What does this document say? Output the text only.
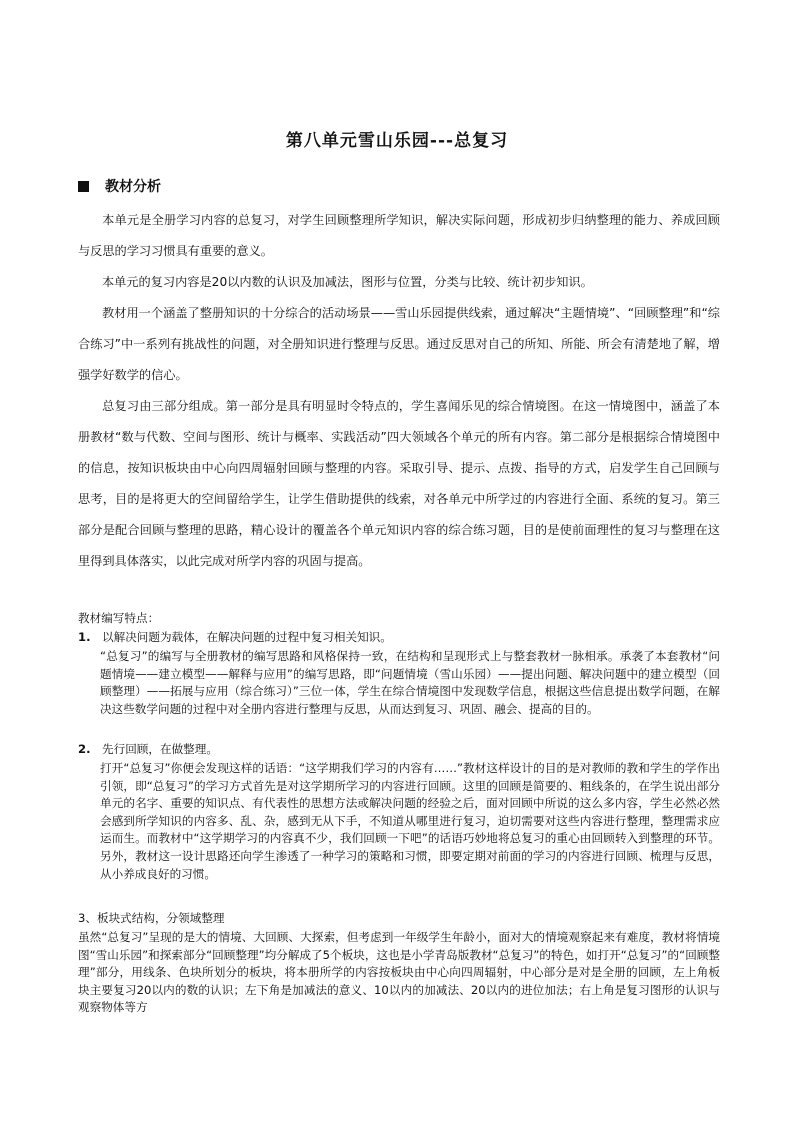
第八单元雪山乐园---总复习
教材分析

本单元是全册学习内容的总复习，对学生回顾整理所学知识，解决实际问题，形成初步归纳整理的能力、养成回顾与反思的学习习惯具有重要的意义。

本单元的复习内容是20以内数的认识及加减法，图形与位置，分类与比较、统计初步知识。

教材用一个涵盖了整册知识的十分综合的活动场景——雪山乐园提供线索，通过解决“主题情境”、“回顾整理”和“综合练习”中一系列有挑战性的问题，对全册知识进行整理与反思。通过反思对自己的所知、所能、所会有清楚地了解，增强学好数学的信心。

总复习由三部分组成。第一部分是具有明显时令特点的，学生喜闻乐见的综合情境图。在这一情境图中，涵盖了本册教材“数与代数、空间与图形、统计与概率、实践活动”四大领域各个单元的所有内容。第二部分是根据综合情境图中的信息，按知识板块由中心向四周辐射回顾与整理的内容。采取引导、提示、点拨、指导的方式，启发学生自己回顾与思考，目的是将更大的空间留给学生，让学生借助提供的线索，对各单元中所学过的内容进行全面、系统的复习。第三部分是配合回顾与整理的思路，精心设计的覆盖各个单元知识内容的综合练习题，目的是使前面理性的复习与整理在这里得到具体落实，以此完成对所学内容的巩固与提高。

教材编写特点：

1. 以解决问题为载体，在解决问题的过程中复习相关知识。

“总复习”的编写与全册教材的编写思路和风格保持一致，在结构和呈现形式上与整套教材一脉相承。承袭了本套教材“问题情境——建立模型——解释与应用”的编写思路，即“问题情境（雪山乐园）——提出问题、解决问题中的建立模型（回顾整理）——拓展与应用（综合练习）”三位一体，学生在综合情境图中发现数学信息，根据这些信息提出数学问题，在解决这些数学问题的过程中对全册内容进行整理与反思，从而达到复习、巩固、融会、提高的目的。

2. 先行回顾，在做整理。

打开“总复习”你便会发现这样的话语：“这学期我们学习的内容有……”教材这样设计的目的是对教师的教和学生的学作出引领，即“总复习”的学习方式首先是对这学期所学习的内容进行回顾。这里的回顾是简要的、粗线条的，在学生说出部分单元的名字、重要的知识点、有代表性的思想方法或解决问题的经验之后，面对回顾中所说的这么多内容，学生必然必然会感到所学知识的内容多、乱、杂，感到无从下手，不知道从哪里进行复习，迫切需要对这些内容进行整理，整理需求应运而生。而教材中“这学期学习的内容真不少，我们回顾一下吧”的话语巧妙地将总复习的重心由回顾转入到整理的环节。另外，教材这一设计思路还向学生渗透了一种学习的策略和习惯，即要定期对前面的学习的内容进行回顾、梳理与反思，从小养成良好的习惯。

3、板块式结构，分领域整理

虽然“总复习”呈现的是大的情境、大回顾、大探索，但考虑到一年级学生年龄小，面对大的情境观察起来有难度，教材将情境图“雪山乐园”和探索部分“回顾整理”均分解成了5个板块，这也是小学青岛版教材“总复习”的特色，如打开“总复习”的“回顾整理”部分，用线条、色块所划分的板块，将本册所学的内容按板块由中心向四周辐射，中心部分是对是全册的回顾，左上角板块主要复习20以内的数的认识；左下角是加减法的意义、10以内的加减法、20以内的进位加法；右上角是复习图形的认识与观察物体等方
